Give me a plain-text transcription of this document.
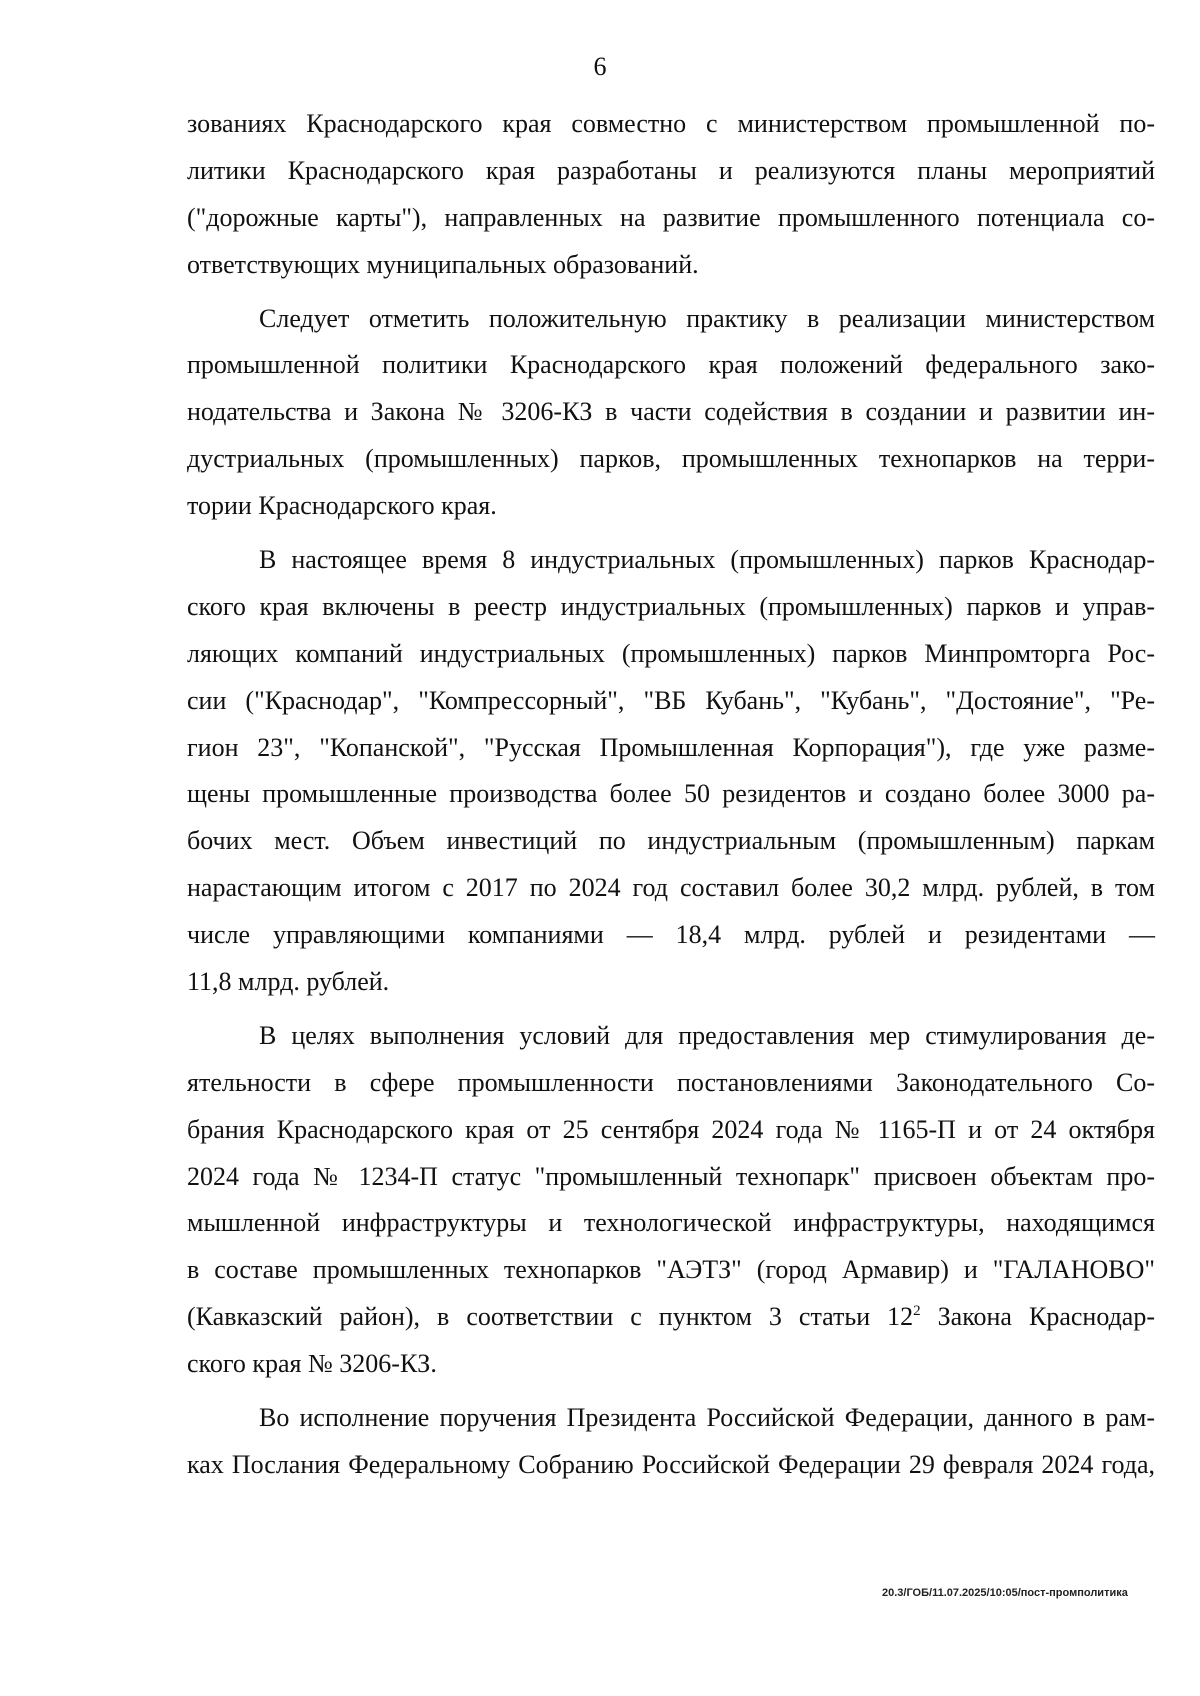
6
зованиях Краснодарского края совместно с министерством промышленной по-
литики Краснодарского края разработаны и реализуются планы мероприятий
("дорожные карты"), направленных на развитие промышленного потенциала со-
ответствующих муниципальных образований.
Следует отметить положительную практику в реализации министерством
промышленной политики Краснодарского края положений федерального зако-
нодательства и Закона № 3206-КЗ в части содействия в создании и развитии ин-
дустриальных (промышленных) парков, промышленных технопарков на терри-
тории Краснодарского края.
В настоящее время 8 индустриальных (промышленных) парков Краснодар-
ского края включены в реестр индустриальных (промышленных) парков и управ-
ляющих компаний индустриальных (промышленных) парков Минпромторга Рос-
сии ("Краснодар", "Компрессорный", "ВБ Кубань", "Кубань", "Достояние", "Ре-
гион 23", "Копанской", "Русская Промышленная Корпорация"), где уже разме-
щены промышленные производства более 50 резидентов и создано более 3000 ра-
бочих мест. Объем инвестиций по индустриальным (промышленным) паркам
нарастающим итогом с 2017 по 2024 год составил более 30,2 млрд. рублей, в том
числе управляющими компаниями — 18,4 млрд. рублей и резидентами —
11,8 млрд. рублей.
В целях выполнения условий для предоставления мер стимулирования де-
ятельности в сфере промышленности постановлениями Законодательного Со-
брания Краснодарского края от 25 сентября 2024 года № 1165-П и от 24 октября
2024 года № 1234-П статус "промышленный технопарк" присвоен объектам про-
мышленной инфраструктуры и технологической инфраструктуры, находящимся
в составе промышленных технопарков "АЭТЗ" (город Армавир) и "ГАЛАНОВО"
(Кавказский район), в соответствии с пунктом 3 статьи $12^2$ Закона Краснодар-
ского края № 3206-КЗ.
Во исполнение поручения Президента Российской Федерации, данного в рам-
ках Послания Федеральному Собранию Российской Федерации 29 февраля 2024 года,
20.3/ГОБ/11.07.2025/10:05/пост-промполитика
